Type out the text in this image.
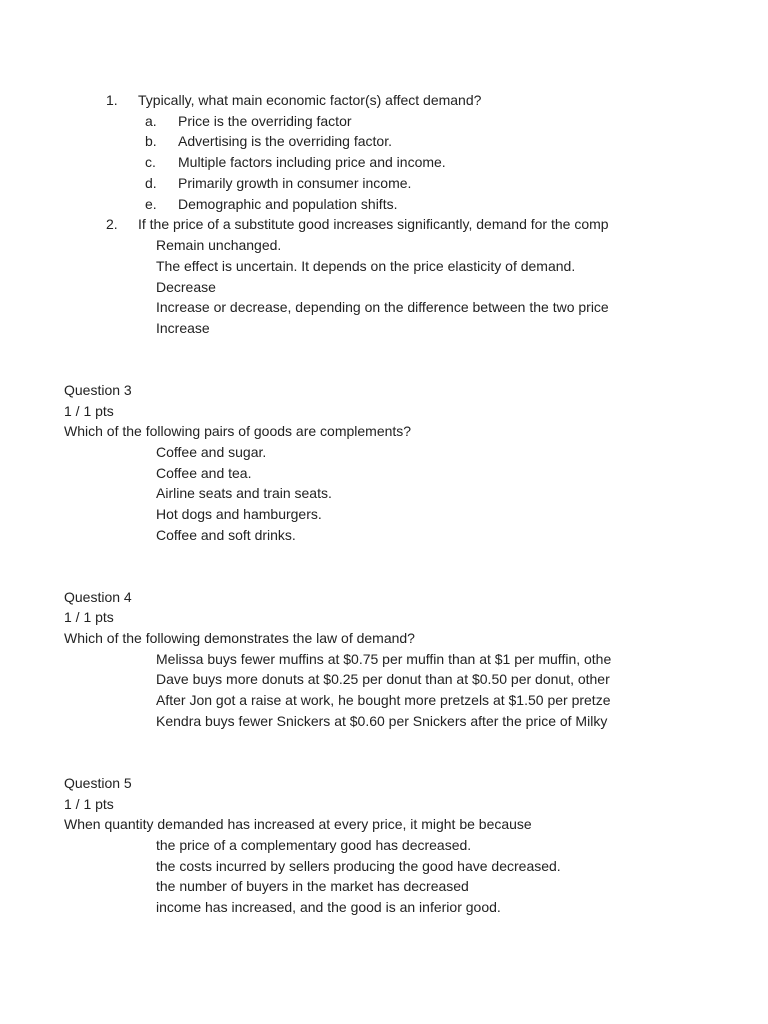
1. Typically, what main economic factor(s) affect demand?
a. Price is the overriding factor
b. Advertising is the overriding factor.
c. Multiple factors including price and income.
d. Primarily growth in consumer income.
e. Demographic and population shifts.
2. If the price of a substitute good increases significantly, demand for the comp
Remain unchanged.
The effect is uncertain. It depends on the price elasticity of demand.
Decrease
Increase or decrease, depending on the difference between the two price
Increase
Question 3
1 / 1 pts
Which of the following pairs of goods are complements?
Coffee and sugar.
Coffee and tea.
Airline seats and train seats.
Hot dogs and hamburgers.
Coffee and soft drinks.
Question 4
1 / 1 pts
Which of the following demonstrates the law of demand?
Melissa buys fewer muffins at $0.75 per muffin than at $1 per muffin, othe
Dave buys more donuts at $0.25 per donut than at $0.50 per donut, other
After Jon got a raise at work, he bought more pretzels at $1.50 per pretze
Kendra buys fewer Snickers at $0.60 per Snickers after the price of Milky
Question 5
1 / 1 pts
When quantity demanded has increased at every price, it might be because
the price of a complementary good has decreased.
the costs incurred by sellers producing the good have decreased.
the number of buyers in the market has decreased
income has increased, and the good is an inferior good.
